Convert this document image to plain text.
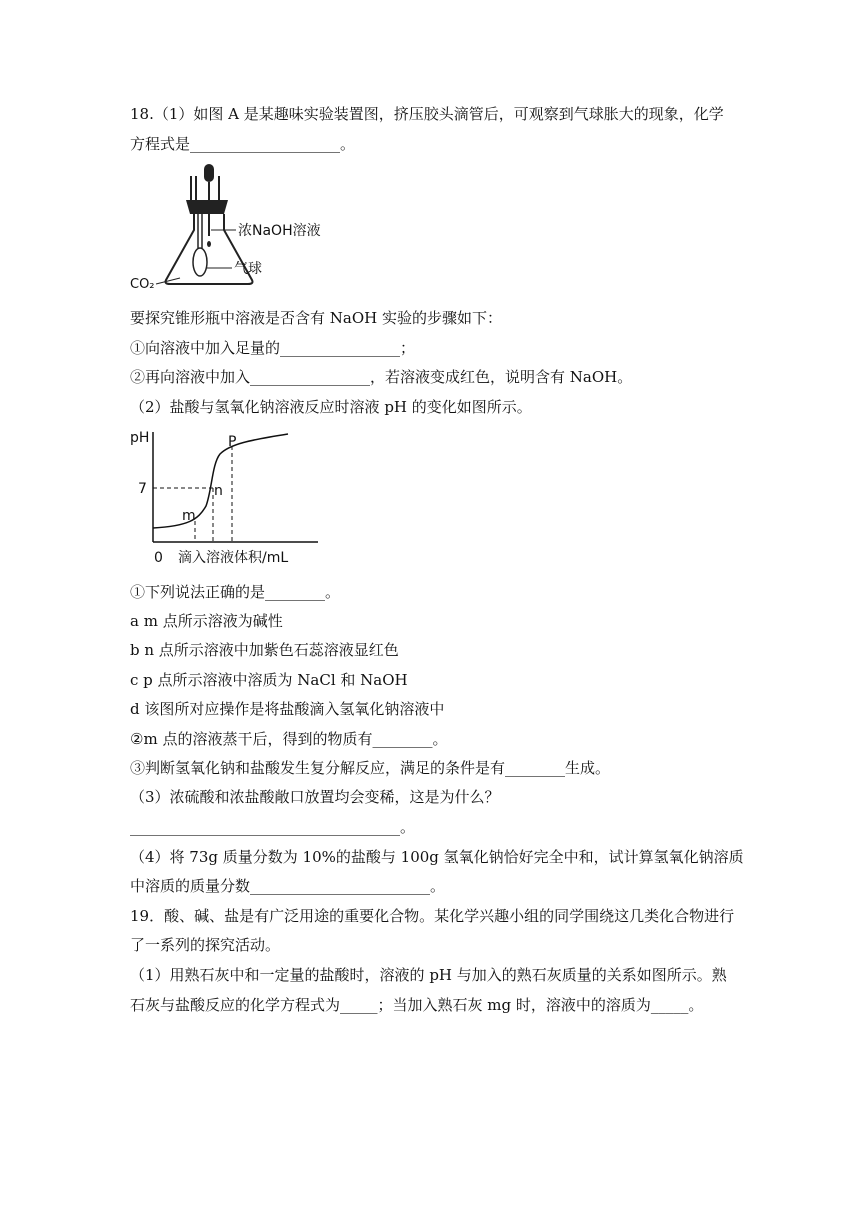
18.（1）如图 A 是某趣味实验装置图，挤压胶头滴管后，可观察到气球胀大的现象，化学
方程式是____________________。
浓NaOH溶液
气球
CO₂
要探究锥形瓶中溶液是否含有 NaOH 实验的步骤如下：
①向溶液中加入足量的________________；
②再向溶液中加入________________，若溶液变成红色，说明含有 NaOH。
（2）盐酸与氢氧化钠溶液反应时溶液 pH 的变化如图所示。
pH
7
m
n
P
0 滴入溶液体积/mL
①下列说法正确的是________。
a m 点所示溶液为碱性
b n 点所示溶液中加紫色石蕊溶液显红色
c p 点所示溶液中溶质为 NaCl 和 NaOH
d 该图所对应操作是将盐酸滴入氢氧化钠溶液中
②m 点的溶液蒸干后，得到的物质有________。
③判断氢氧化钠和盐酸发生复分解反应，满足的条件是有________生成。
（3）浓硫酸和浓盐酸敞口放置均会变稀，这是为什么？
____________________________________。
（4）将 73g 质量分数为 10%的盐酸与 100g 氢氧化钠恰好完全中和，试计算氢氧化钠溶质
中溶质的质量分数________________________。
19．酸、碱、盐是有广泛用途的重要化合物。某化学兴趣小组的同学围绕这几类化合物进行
了一系列的探究活动。
（1）用熟石灰中和一定量的盐酸时，溶液的 pH 与加入的熟石灰质量的关系如图所示。熟
石灰与盐酸反应的化学方程式为_____；当加入熟石灰 mg 时，溶液中的溶质为_____。
